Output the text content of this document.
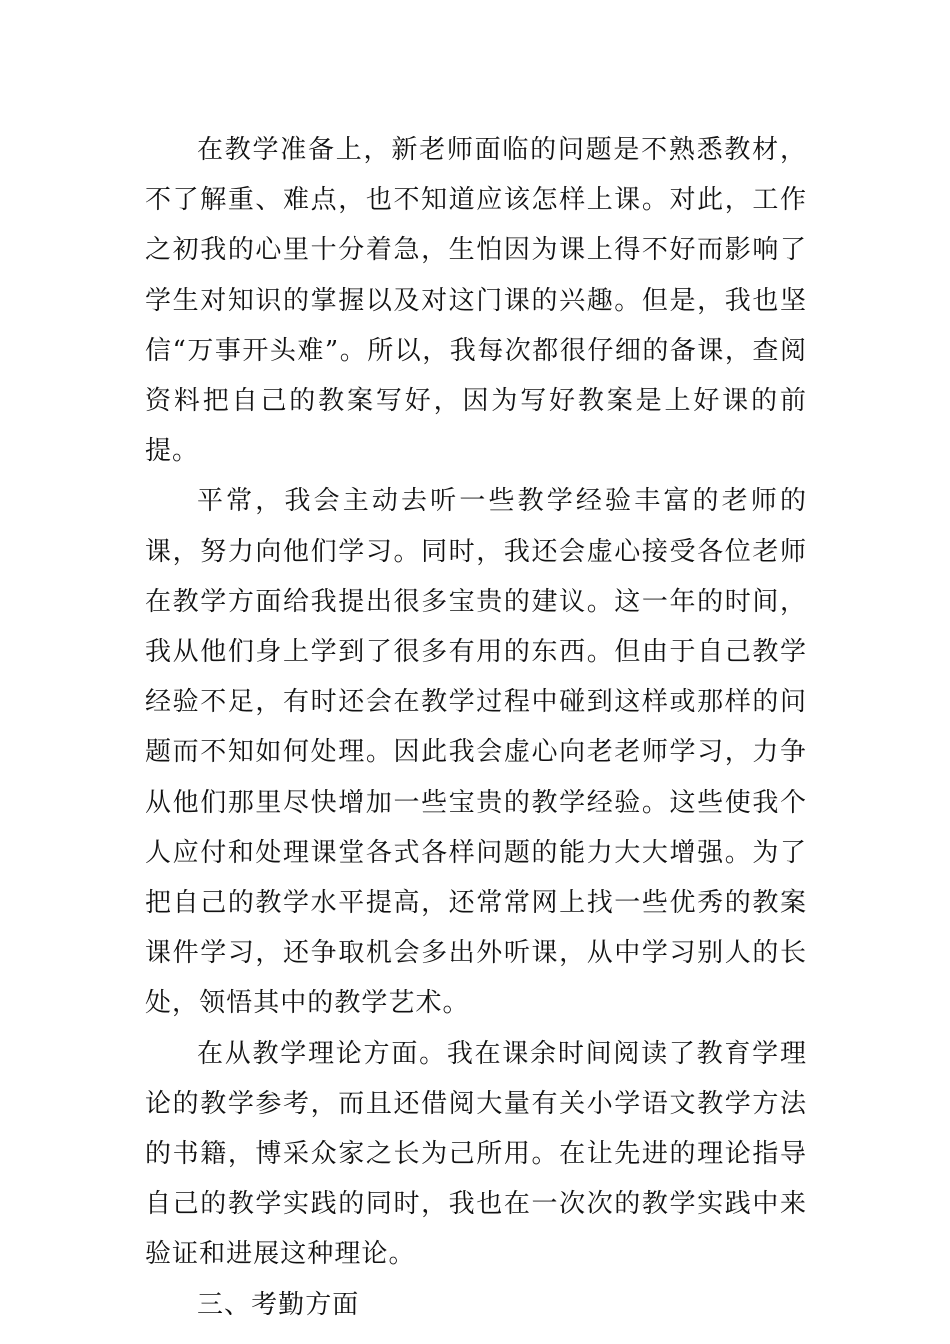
在教学准备上，新老师面临的问题是不熟悉教材，不了解重、难点，也不知道应该怎样上课。对此，工作之初我的心里十分着急，生怕因为课上得不好而影响了学生对知识的掌握以及对这门课的兴趣。但是，我也坚信“万事开头难”。所以，我每次都很仔细的备课，查阅资料把自己的教案写好，因为写好教案是上好课的前提。

平常，我会主动去听一些教学经验丰富的老师的课，努力向他们学习。同时，我还会虚心接受各位老师在教学方面给我提出很多宝贵的建议。这一年的时间，我从他们身上学到了很多有用的东西。但由于自己教学经验不足，有时还会在教学过程中碰到这样或那样的问题而不知如何处理。因此我会虚心向老老师学习，力争从他们那里尽快增加一些宝贵的教学经验。这些使我个人应付和处理课堂各式各样问题的能力大大增强。为了把自己的教学水平提高，还常常网上找一些优秀的教案课件学习，还争取机会多出外听课，从中学习别人的长处，领悟其中的教学艺术。

在从教学理论方面。我在课余时间阅读了教育学理论的教学参考，而且还借阅大量有关小学语文教学方法的书籍，博采众家之长为己所用。在让先进的理论指导自己的教学实践的同时，我也在一次次的教学实践中来验证和进展这种理论。

三、考勤方面
